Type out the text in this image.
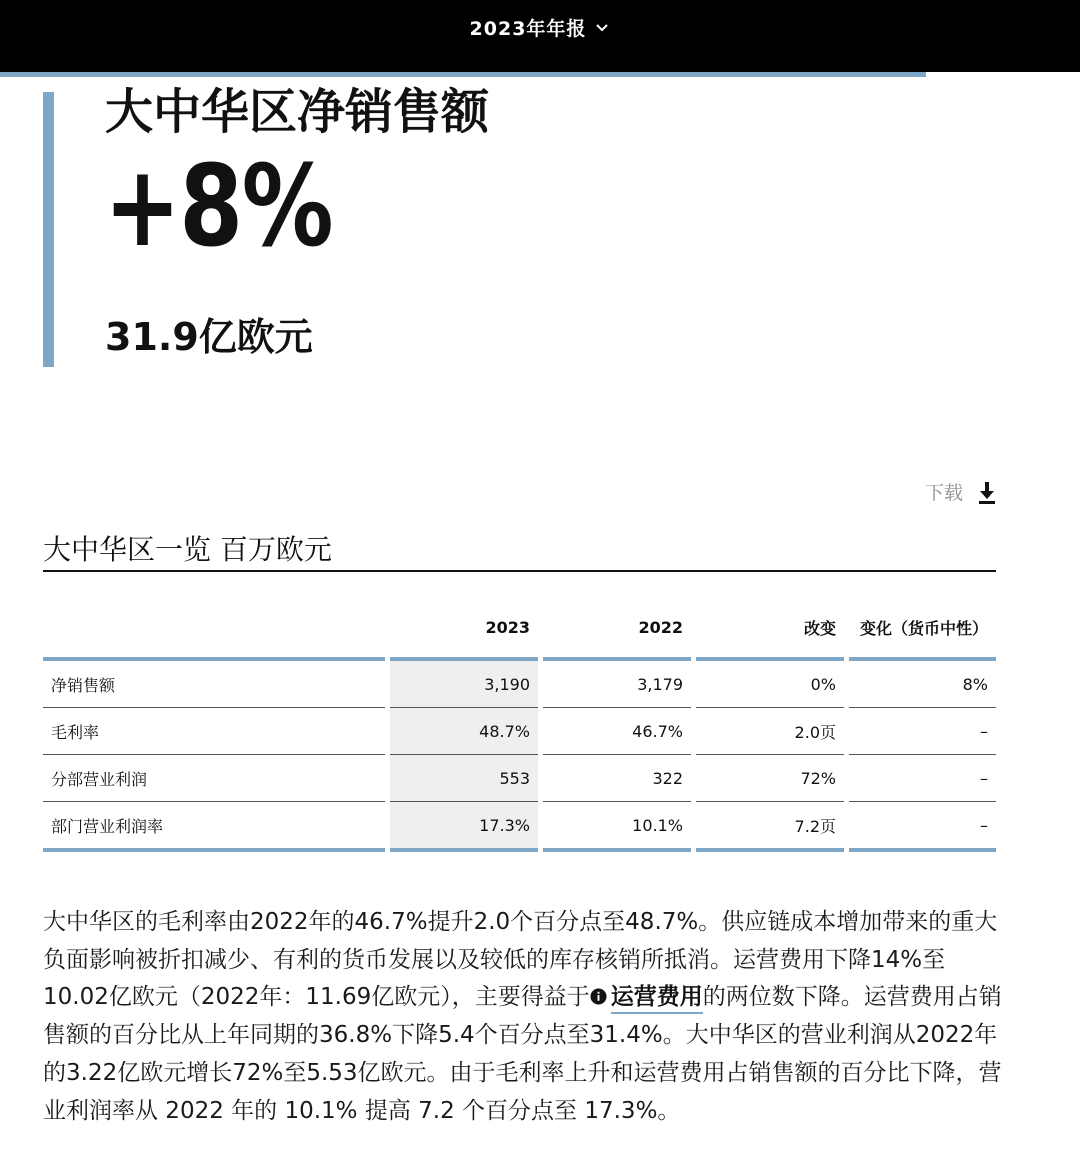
2023年年报
大中华区净销售额
+8%
31.9亿欧元
下载
大中华区一览 百万欧元
		2023		2022		改变		变化（货币中性）
净销售额		3,190		3,179		0%		8%
毛利率		48.7%		46.7%		2.0页		–
分部营业利润		553		322		72%		–
部门营业利润率		17.3%		10.1%		7.2页		–

大中华区的毛利率由2022年的46.7%提升2.0个百分点至48.7%。供应链成本增加带来的重大负面影响被折扣减少、有利的货币发展以及较低的库存核销所抵消。运营费用下降14%至10.02亿欧元（2022年：11.69亿欧元），主要得益于 运营费用的两位数下降。运营费用占销售额的百分比从上年同期的36.8%下降5.4个百分点至31.4%。大中华区的营业利润从2022年的3.22亿欧元增长72%至5.53亿欧元。由于毛利率上升和运营费用占销售额的百分比下降，营业利润率从 2022 年的 10.1% 提高 7.2 个百分点至 17.3%。
